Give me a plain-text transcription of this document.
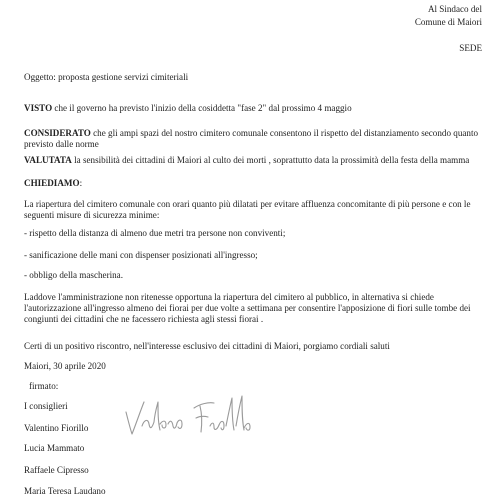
Al Sindaco del
Comune di Maiori
SEDE
Oggetto: proposta gestione servizi cimiteriali
VISTO che il governo ha previsto l'inizio della cosiddetta "fase 2" dal prossimo 4 maggio
CONSIDERATO che gli ampi spazi del nostro cimitero comunale consentono il rispetto del distanziamento secondo quanto
previsto dalle norme
VALUTATA la sensibilità dei cittadini di Maiori al culto dei morti , soprattutto data la prossimità della festa della mamma
CHIEDIAMO:
La riapertura del cimitero comunale con orari quanto più dilatati per evitare affluenza concomitante di più persone e con le
seguenti misure di sicurezza minime:
- rispetto della distanza di almeno due metri tra persone non conviventi;
- sanificazione delle mani con dispenser posizionati all'ingresso;
- obbligo della mascherina.
Laddove l'amministrazione non ritenesse opportuna la riapertura del cimitero al pubblico, in alternativa si chiede
l'autorizzazione all'ingresso almeno dei fiorai per due volte a settimana per consentire l'apposizione di fiori sulle tombe dei
congiunti dei cittadini che ne facessero richiesta agli stessi fiorai .
Certi di un positivo riscontro, nell'interesse esclusivo dei cittadini di Maiori, porgiamo cordiali saluti
Maiori, 30 aprile 2020
firmato:
I consiglieri
Valentino Fiorillo
Lucia Mammato
Raffaele Cipresso
Maria Teresa Laudano
